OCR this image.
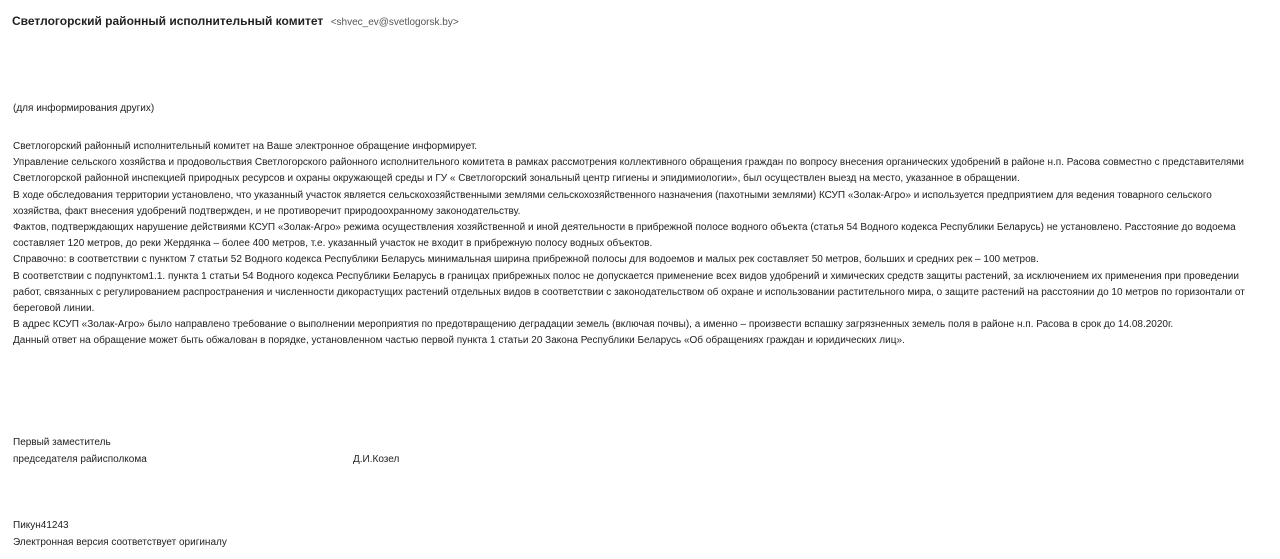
Светлогорский районный исполнительный комитет <shvec_ev@svetlogorsk.by>
(для информирования других)

Светлогорский районный исполнительный комитет на Ваше электронное обращение информирует.

Управление сельского хозяйства и продовольствия Светлогорского районного исполнительного комитета в рамках рассмотрения коллективного обращения граждан по вопросу внесения органических удобрений в районе н.п. Расова совместно с представителями Светлогорской районной инспекцией природных ресурсов и охраны окружающей среды и ГУ « Светлогорский зональный центр гигиены и эпидимиологии», был осуществлен выезд на место, указанное в обращении.

В ходе обследования территории установлено, что указанный участок является сельскохозяйственными землями сельскохозяйственного назначения (пахотными землями) КСУП «Золак-Агро» и используется предприятием для ведения товарного сельского хозяйства, факт внесения удобрений подтвержден, и не противоречит природоохранному законодательству.

Фактов, подтверждающих нарушение действиями КСУП «Золак-Агро» режима осуществления хозяйственной и иной деятельности в прибрежной полосе водного объекта (статья 54 Водного кодекса Республики Беларусь) не установлено. Расстояние до водоема составляет 120 метров, до реки Жердянка – более 400 метров, т.е. указанный участок не входит в прибрежную полосу водных объектов.

Справочно: в соответствии с пунктом 7 статьи 52 Водного кодекса Республики Беларусь минимальная ширина прибрежной полосы для водоемов и малых рек составляет 50 метров, больших и средних рек – 100 метров.

В соответствии с подпунктом1.1. пункта 1 статьи 54 Водного кодекса Республики Беларусь в границах прибрежных полос не допускается применение всех видов удобрений и химических средств защиты растений, за исключением их применения при проведении работ, связанных с регулированием распространения и численности дикорастущих растений отдельных видов в соответствии с законодательством об охране и использовании растительного мира, о защите растений на расстоянии до 10 метров по горизонтали от береговой линии.

В адрес КСУП «Золак-Агро» было направлено требование о выполнении мероприятия по предотвращению деградации земель (включая почвы), а именно – произвести вспашку загрязненных земель поля в районе н.п. Расова в срок до 14.08.2020г.

Данный ответ на обращение может быть обжалован в порядке, установленном частью первой пункта 1 статьи 20 Закона Республики Беларусь «Об обращениях граждан и юридических лиц».

Первый заместитель
председателя райисполкома	Д.И.Козел
Пикун41243
Электронная версия соответствует оригиналу
